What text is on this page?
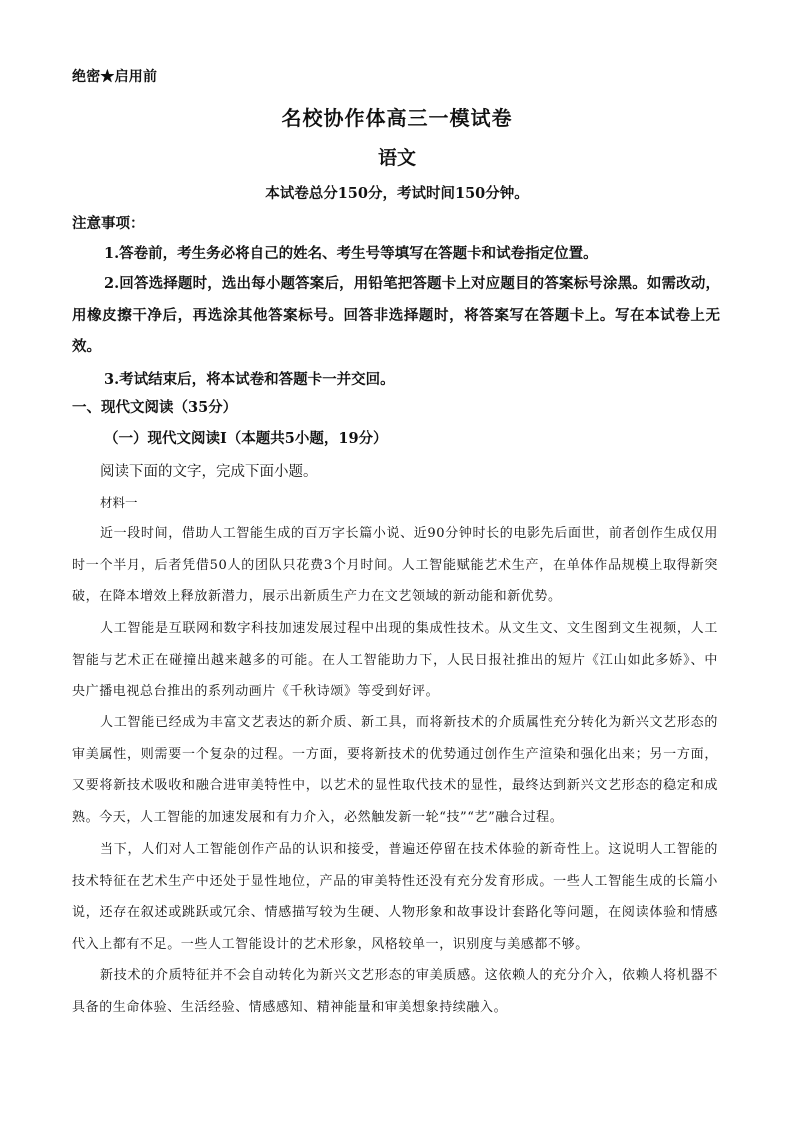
绝密★启用前
名校协作体高三一模试卷
语文
本试卷总分150分，考试时间150分钟。
注意事项：
1.答卷前，考生务必将自己的姓名、考生号等填写在答题卡和试卷指定位置。
2.回答选择题时，选出每小题答案后，用铅笔把答题卡上对应题目的答案标号涂黑。如需改动，用橡皮擦干净后，再选涂其他答案标号。回答非选择题时，将答案写在答题卡上。写在本试卷上无效。
3.考试结束后，将本试卷和答题卡一并交回。
一、现代文阅读（35分）
（一）现代文阅读Ⅰ（本题共5小题，19分）
阅读下面的文字，完成下面小题。
材料一
近一段时间，借助人工智能生成的百万字长篇小说、近90分钟时长的电影先后面世，前者创作生成仅用时一个半月，后者凭借50人的团队只花费3个月时间。人工智能赋能艺术生产，在单体作品规模上取得新突破，在降本增效上释放新潜力，展示出新质生产力在文艺领域的新动能和新优势。
人工智能是互联网和数字科技加速发展过程中出现的集成性技术。从文生文、文生图到文生视频，人工智能与艺术正在碰撞出越来越多的可能。在人工智能助力下，人民日报社推出的短片《江山如此多娇》、中央广播电视总台推出的系列动画片《千秋诗颂》等受到好评。
人工智能已经成为丰富文艺表达的新介质、新工具，而将新技术的介质属性充分转化为新兴文艺形态的审美属性，则需要一个复杂的过程。一方面，要将新技术的优势通过创作生产渲染和强化出来；另一方面，又要将新技术吸收和融合进审美特性中，以艺术的显性取代技术的显性，最终达到新兴文艺形态的稳定和成熟。今天，人工智能的加速发展和有力介入，必然触发新一轮“技”“艺”融合过程。
当下，人们对人工智能创作产品的认识和接受，普遍还停留在技术体验的新奇性上。这说明人工智能的技术特征在艺术生产中还处于显性地位，产品的审美特性还没有充分发育形成。一些人工智能生成的长篇小说，还存在叙述或跳跃或冗余、情感描写较为生硬、人物形象和故事设计套路化等问题，在阅读体验和情感代入上都有不足。一些人工智能设计的艺术形象，风格较单一，识别度与美感都不够。
新技术的介质特征并不会自动转化为新兴文艺形态的审美质感。这依赖人的充分介入，依赖人将机器不具备的生命体验、生活经验、情感感知、精神能量和审美想象持续融入。
